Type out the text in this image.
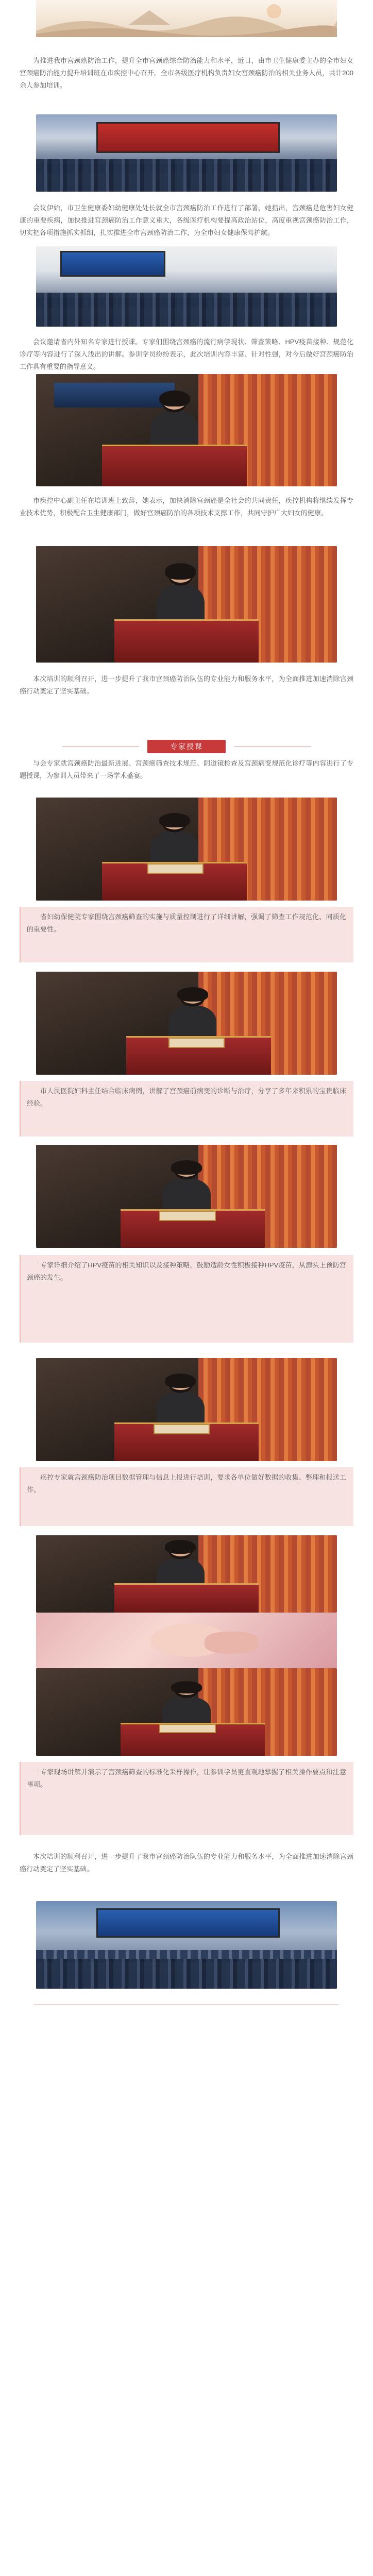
为推进我市宫颈癌防治工作，提升全市宫颈癌综合防治能力和水平，近日，由市卫生健康委主办的全市妇女宫颈癌防治能力提升培训班在市疾控中心召开。全市各级医疗机构负责妇女宫颈癌防治的相关业务人员，共计200余人参加培训。
会议伊始，市卫生健康委妇幼健康处处长就全市宫颈癌防治工作进行了部署，她指出，宫颈癌是危害妇女健康的重要疾病，加快推进宫颈癌防治工作意义重大，各级医疗机构要提高政治站位，高度重视宫颈癌防治工作，切实把各项措施抓实抓细，扎实推进全市宫颈癌防治工作，为全市妇女健康保驾护航。
会议邀请省内外知名专家进行授课。专家们围绕宫颈癌的流行病学现状、筛查策略、HPV疫苗接种、规范化诊疗等内容进行了深入浅出的讲解。参训学员纷纷表示，此次培训内容丰富、针对性强，对今后做好宫颈癌防治工作具有重要的指导意义。
市疾控中心副主任在培训班上致辞，她表示，加快消除宫颈癌是全社会的共同责任，疾控机构将继续发挥专业技术优势，积极配合卫生健康部门，做好宫颈癌防治的各项技术支撑工作，共同守护广大妇女的健康。
本次培训的顺利召开，进一步提升了我市宫颈癌防治队伍的专业能力和服务水平，为全面推进加速消除宫颈癌行动奠定了坚实基础。
专家授课
与会专家就宫颈癌防治最新进展、宫颈癌筛查技术规范、阴道镜检查及宫颈病变规范化诊疗等内容进行了专题授课，为参训人员带来了一场学术盛宴。
省妇幼保健院专家围绕宫颈癌筛查的实施与质量控制进行了详细讲解，强调了筛查工作规范化、同质化的重要性。
市人民医院妇科主任结合临床病例，讲解了宫颈癌前病变的诊断与治疗，分享了多年来积累的宝贵临床经验。
专家详细介绍了HPV疫苗的相关知识以及接种策略，鼓励适龄女性积极接种HPV疫苗，从源头上预防宫颈癌的发生。
疾控专家就宫颈癌防治项目数据管理与信息上报进行培训，要求各单位做好数据的收集、整理和报送工作。
专家现场讲解并演示了宫颈癌筛查的标准化采样操作，让参训学员更直观地掌握了相关操作要点和注意事项。
本次培训的顺利召开，进一步提升了我市宫颈癌防治队伍的专业能力和服务水平，为全面推进加速消除宫颈癌行动奠定了坚实基础。
